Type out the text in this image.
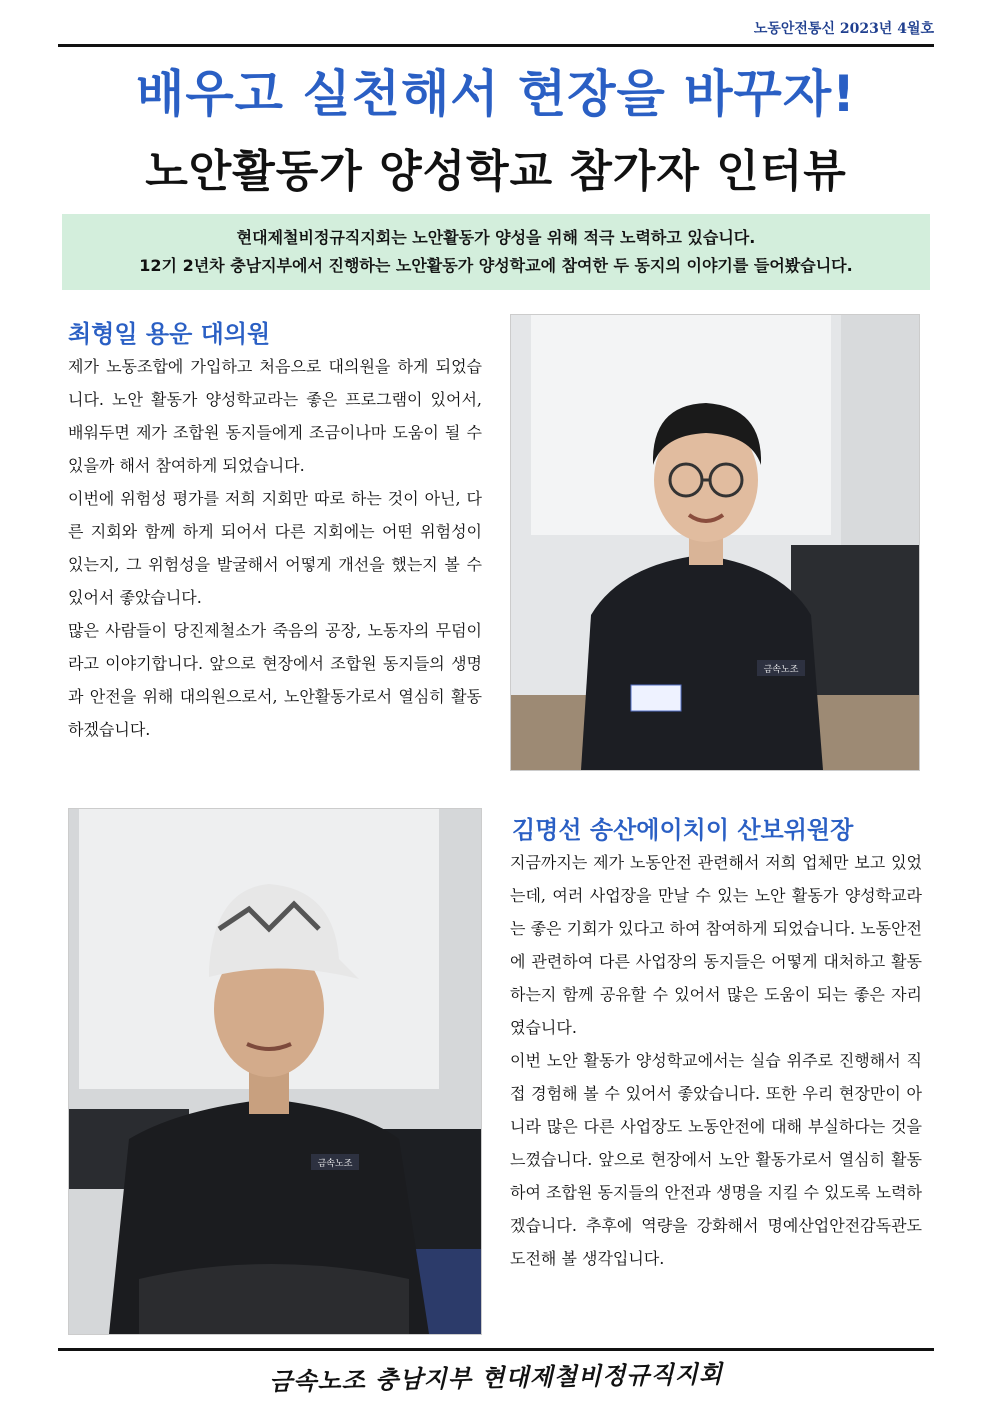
노동안전통신 2023년 4월호
배우고 실천해서 현장을 바꾸자!
노안활동가 양성학교 참가자 인터뷰

현대제철비정규직지회는 노안활동가 양성을 위해 적극 노력하고 있습니다.

12기 2년차 충남지부에서 진행하는 노안활동가 양성학교에 참여한 두 동지의 이야기를 들어봤습니다.

최형일 용운 대의원

제가 노동조합에 가입하고 처음으로 대의원을 하게 되었습니다. 노안 활동가 양성학교라는 좋은 프로그램이 있어서, 배워두면 제가 조합원 동지들에게 조금이나마 도움이 될 수 있을까 해서 참여하게 되었습니다.

이번에 위험성 평가를 저희 지회만 따로 하는 것이 아닌, 다른 지회와 함께 하게 되어서 다른 지회에는 어떤 위험성이 있는지, 그 위험성을 발굴해서 어떻게 개선을 했는지 볼 수 있어서 좋았습니다.

많은 사람들이 당진제철소가 죽음의 공장, 노동자의 무덤이라고 이야기합니다. 앞으로 현장에서 조합원 동지들의 생명과 안전을 위해 대의원으로서, 노안활동가로서 열심히 활동하겠습니다.

금속노조
금속노조
김명선 송산에이치이 산보위원장

지금까지는 제가 노동안전 관련해서 저희 업체만 보고 있었는데, 여러 사업장을 만날 수 있는 노안 활동가 양성학교라는 좋은 기회가 있다고 하여 참여하게 되었습니다. 노동안전에 관련하여 다른 사업장의 동지들은 어떻게 대처하고 활동하는지 함께 공유할 수 있어서 많은 도움이 되는 좋은 자리였습니다.

이번 노안 활동가 양성학교에서는 실습 위주로 진행해서 직접 경험해 볼 수 있어서 좋았습니다. 또한 우리 현장만이 아니라 많은 다른 사업장도 노동안전에 대해 부실하다는 것을 느꼈습니다. 앞으로 현장에서 노안 활동가로서 열심히 활동하여 조합원 동지들의 안전과 생명을 지킬 수 있도록 노력하겠습니다. 추후에 역량을 강화해서 명예산업안전감독관도 도전해 볼 생각입니다.

금속노조 충남지부 현대제철비정규직지회
